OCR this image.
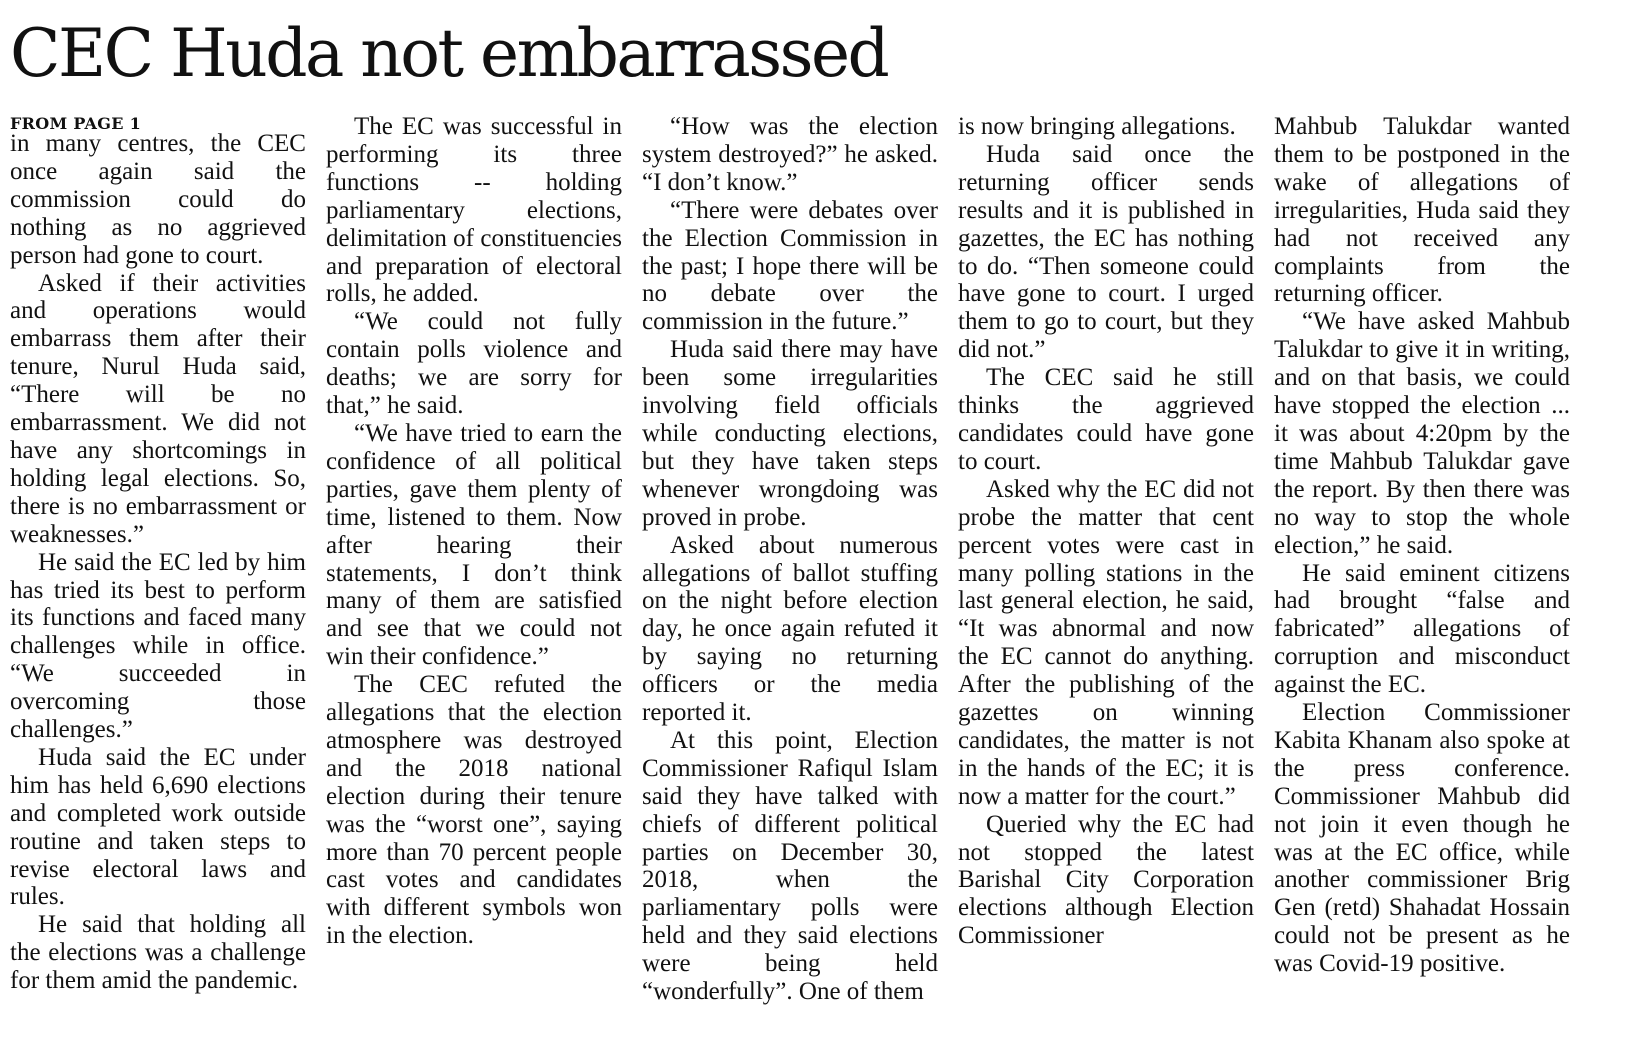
CEC Huda not embarrassed
FROM PAGE 1

in many centres, the CEC once again said the commission could do nothing as no aggrieved person had gone to court.

Asked if their activities and operations would embarrass them after their tenure, Nurul Huda said, “There will be no embarrassment. We did not have any shortcomings in holding legal elections. So, there is no embarrassment or weaknesses.”

He said the EC led by him has tried its best to perform its functions and faced many challenges while in office. “We succeeded in overcoming those challenges.”

Huda said the EC under him has held 6,690 elections and completed work outside routine and taken steps to revise electoral laws and rules.

He said that holding all the elections was a challenge for them amid the pandemic.

The EC was successful in performing its three functions -- holding parliamentary elections, delimitation of constituencies and preparation of electoral rolls, he added.

“We could not fully contain polls violence and deaths; we are sorry for that,” he said.

“We have tried to earn the confidence of all political parties, gave them plenty of time, listened to them. Now after hearing their statements, I don’t think many of them are satisfied and see that we could not win their confidence.”

The CEC refuted the allegations that the election atmosphere was destroyed and the 2018 national election during their tenure was the “worst one”, saying more than 70 percent people cast votes and candidates with different symbols won in the election.

“How was the election system destroyed?” he asked. “I don’t know.”

“There were debates over the Election Commission in the past; I hope there will be no debate over the commission in the future.”

Huda said there may have been some irregularities involving field officials while conducting elections, but they have taken steps whenever wrongdoing was proved in probe.

Asked about numerous allegations of ballot stuffing on the night before election day, he once again refuted it by saying no returning officers or the media reported it.

At this point, Election Commissioner Rafiqul Islam said they have talked with chiefs of different political parties on December 30, 2018, when the parliamentary polls were held and they said elections were being held “wonderfully”. One of them

is now bringing allegations.

Huda said once the returning officer sends results and it is published in gazettes, the EC has nothing to do. “Then someone could have gone to court. I urged them to go to court, but they did not.”

The CEC said he still thinks the aggrieved candidates could have gone to court.

Asked why the EC did not probe the matter that cent percent votes were cast in many polling stations in the last general election, he said, “It was abnormal and now the EC cannot do anything. After the publishing of the gazettes on winning candidates, the matter is not in the hands of the EC; it is now a matter for the court.”

Queried why the EC had not stopped the latest Barishal City Corporation elections although Election Commissioner

Mahbub Talukdar wanted them to be postponed in the wake of allegations of irregularities, Huda said they had not received any complaints from the returning officer.

“We have asked Mahbub Talukdar to give it in writing, and on that basis, we could have stopped the election ... it was about 4:20pm by the time Mahbub Talukdar gave the report. By then there was no way to stop the whole election,” he said.

He said eminent citizens had brought “false and fabricated” allegations of corruption and misconduct against the EC.

Election Commissioner Kabita Khanam also spoke at the press conference. Commissioner Mahbub did not join it even though he was at the EC office, while another commissioner Brig Gen (retd) Shahadat Hossain could not be present as he was Covid-19 positive.
